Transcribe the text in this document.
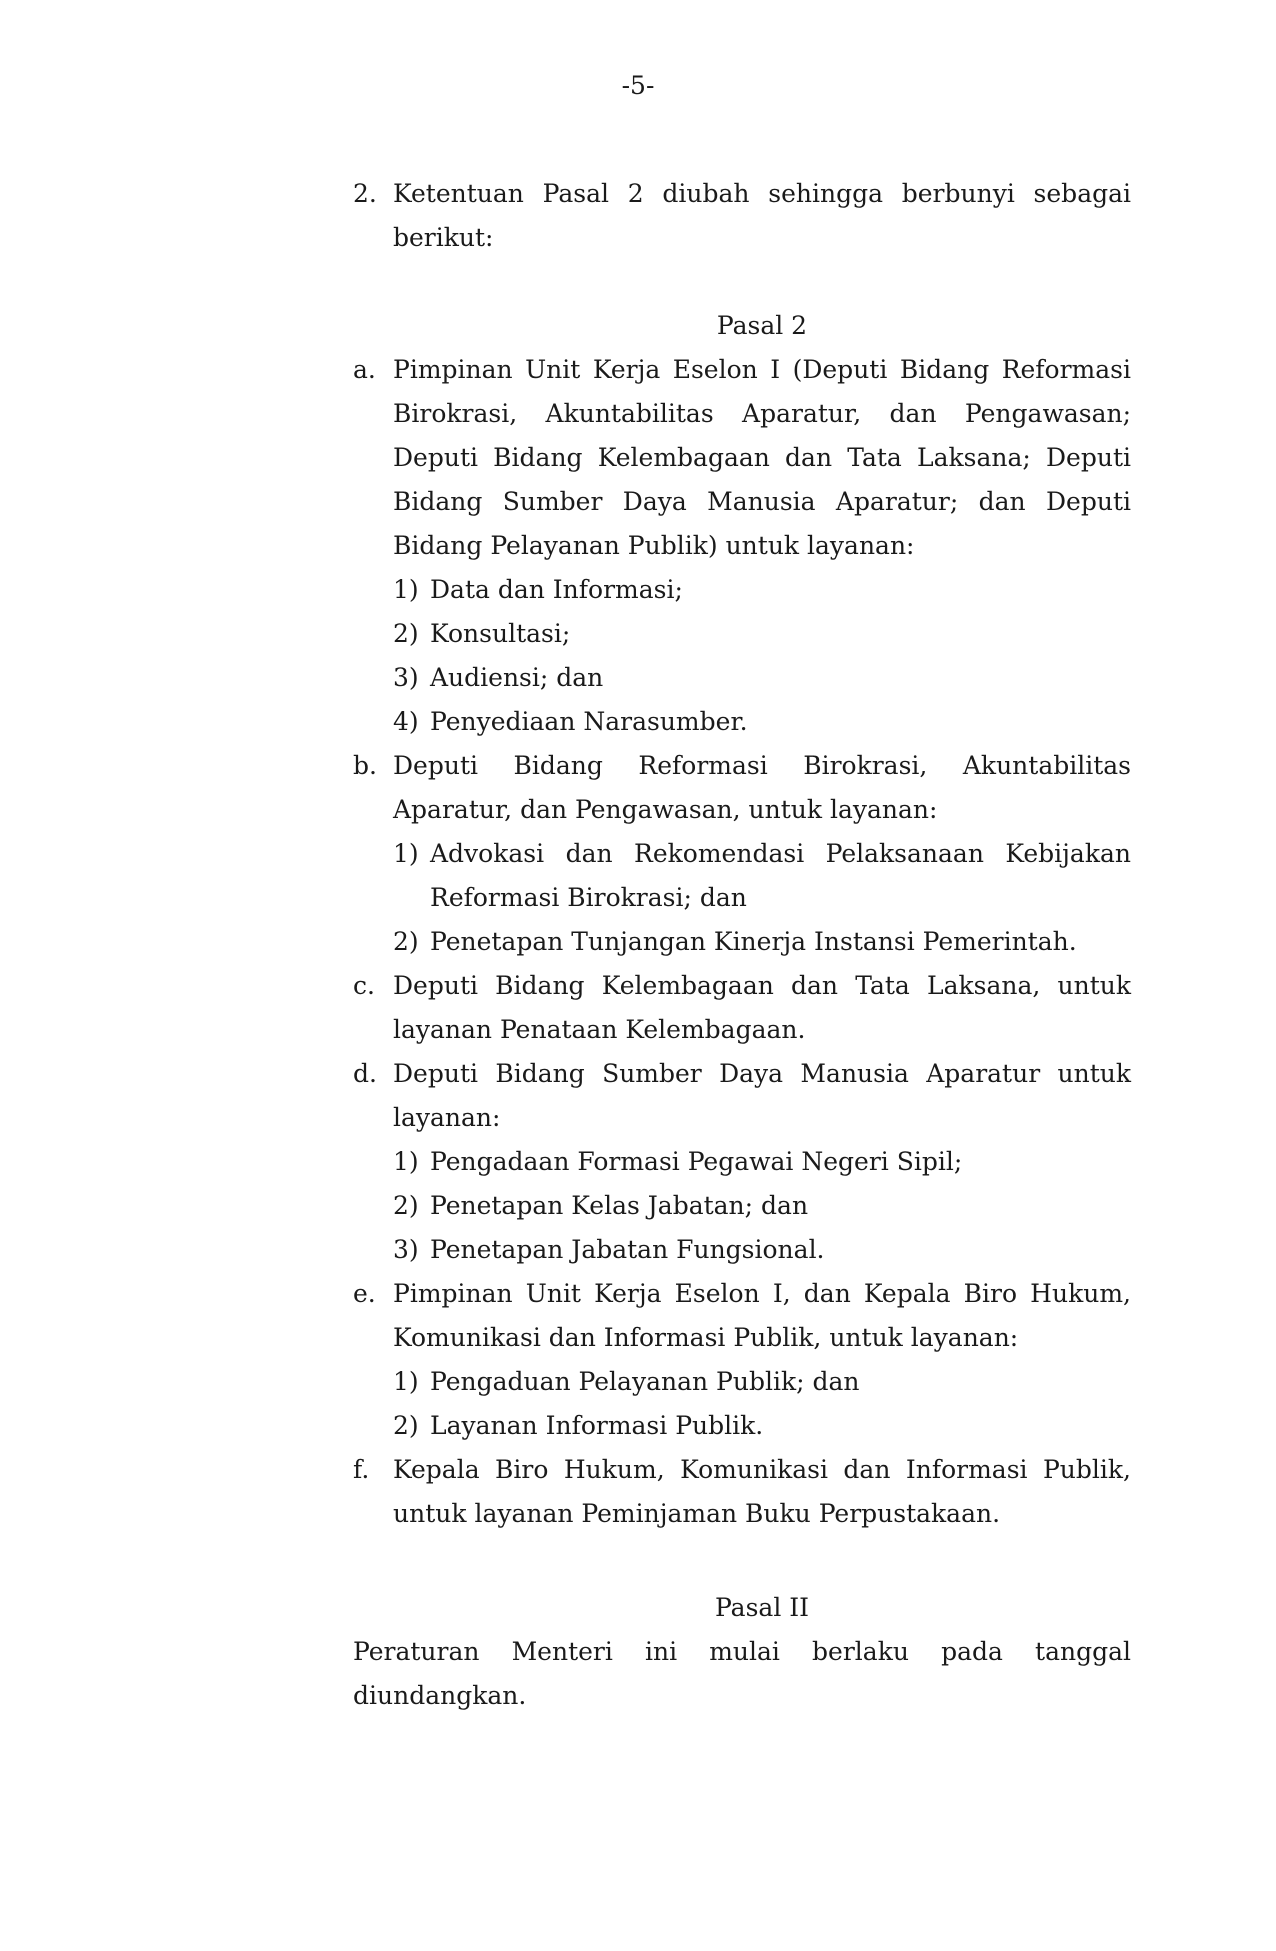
-5-
2. Ketentuan Pasal 2 diubah sehingga berbunyi sebagai
berikut:
Pasal 2
a. Pimpinan Unit Kerja Eselon I (Deputi Bidang Reformasi Birokrasi, Akuntabilitas Aparatur, dan Pengawasan; Deputi Bidang Kelembagaan dan Tata Laksana; Deputi Bidang Sumber Daya Manusia Aparatur; dan Deputi Bidang Pelayanan Publik) untuk layanan:
1) Data dan Informasi;
2) Konsultasi;
3) Audiensi; dan
4) Penyediaan Narasumber.
b. Deputi Bidang Reformasi Birokrasi, Akuntabilitas Aparatur, dan Pengawasan, untuk layanan:
1) Advokasi dan Rekomendasi Pelaksanaan Kebijakan Reformasi Birokrasi; dan
2) Penetapan Tunjangan Kinerja Instansi Pemerintah.
c. Deputi Bidang Kelembagaan dan Tata Laksana, untuk layanan Penataan Kelembagaan.
d. Deputi Bidang Sumber Daya Manusia Aparatur untuk layanan:
1) Pengadaan Formasi Pegawai Negeri Sipil;
2) Penetapan Kelas Jabatan; dan
3) Penetapan Jabatan Fungsional.
e. Pimpinan Unit Kerja Eselon I, dan Kepala Biro Hukum, Komunikasi dan Informasi Publik, untuk layanan:
1) Pengaduan Pelayanan Publik; dan
2) Layanan Informasi Publik.
f. Kepala Biro Hukum, Komunikasi dan Informasi Publik, untuk layanan Peminjaman Buku Perpustakaan.
Pasal II
Peraturan Menteri ini mulai berlaku pada tanggal
diundangkan.
